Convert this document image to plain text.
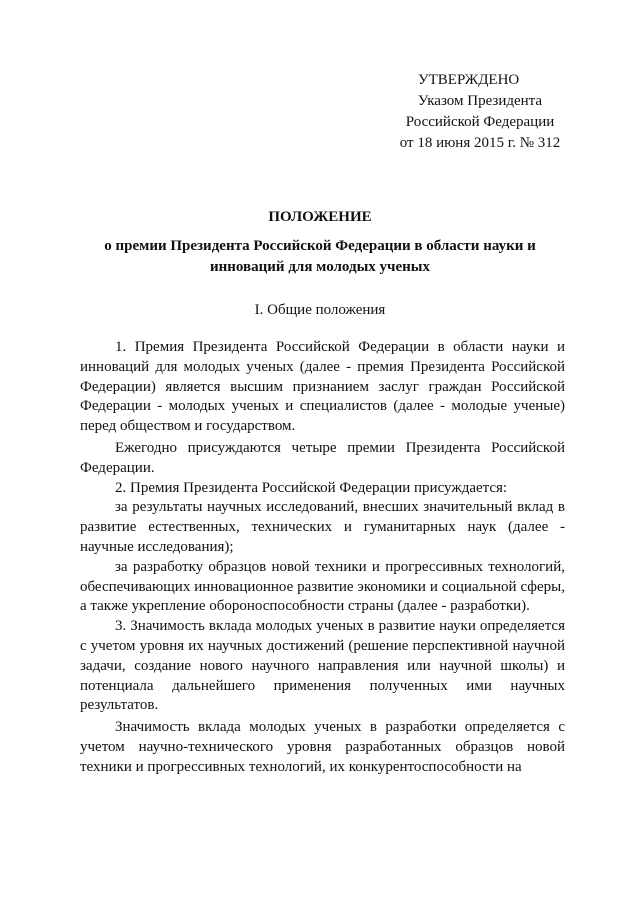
УТВЕРЖДЕНО
Указом Президента
Российской Федерации
от 18 июня 2015 г. № 312
ПОЛОЖЕНИЕ
о премии Президента Российской Федерации в области науки и инноваций для молодых ученых
I. Общие положения

1. Премия Президента Российской Федерации в области науки и инноваций для молодых ученых (далее - премия Президента Российской Федерации) является высшим признанием заслуг граждан Российской Федерации - молодых ученых и специалистов (далее - молодые ученые) перед обществом и государством.

Ежегодно присуждаются четыре премии Президента Российской Федерации.

2. Премия Президента Российской Федерации присуждается:

за результаты научных исследований, внесших значительный вклад в развитие естественных, технических и гуманитарных наук (далее - научные исследования);

за разработку образцов новой техники и прогрессивных технологий, обеспечивающих инновационное развитие экономики и социальной сферы, а также укрепление обороноспособности страны (далее - разработки).

3. Значимость вклада молодых ученых в развитие науки определяется с учетом уровня их научных достижений (решение перспективной научной задачи, создание нового научного направления или научной школы) и потенциала дальнейшего применения полученных ими научных результатов.

Значимость вклада молодых ученых в разработки определяется с учетом научно-технического уровня разработанных образцов новой техники и прогрессивных технологий, их конкурентоспособности на
